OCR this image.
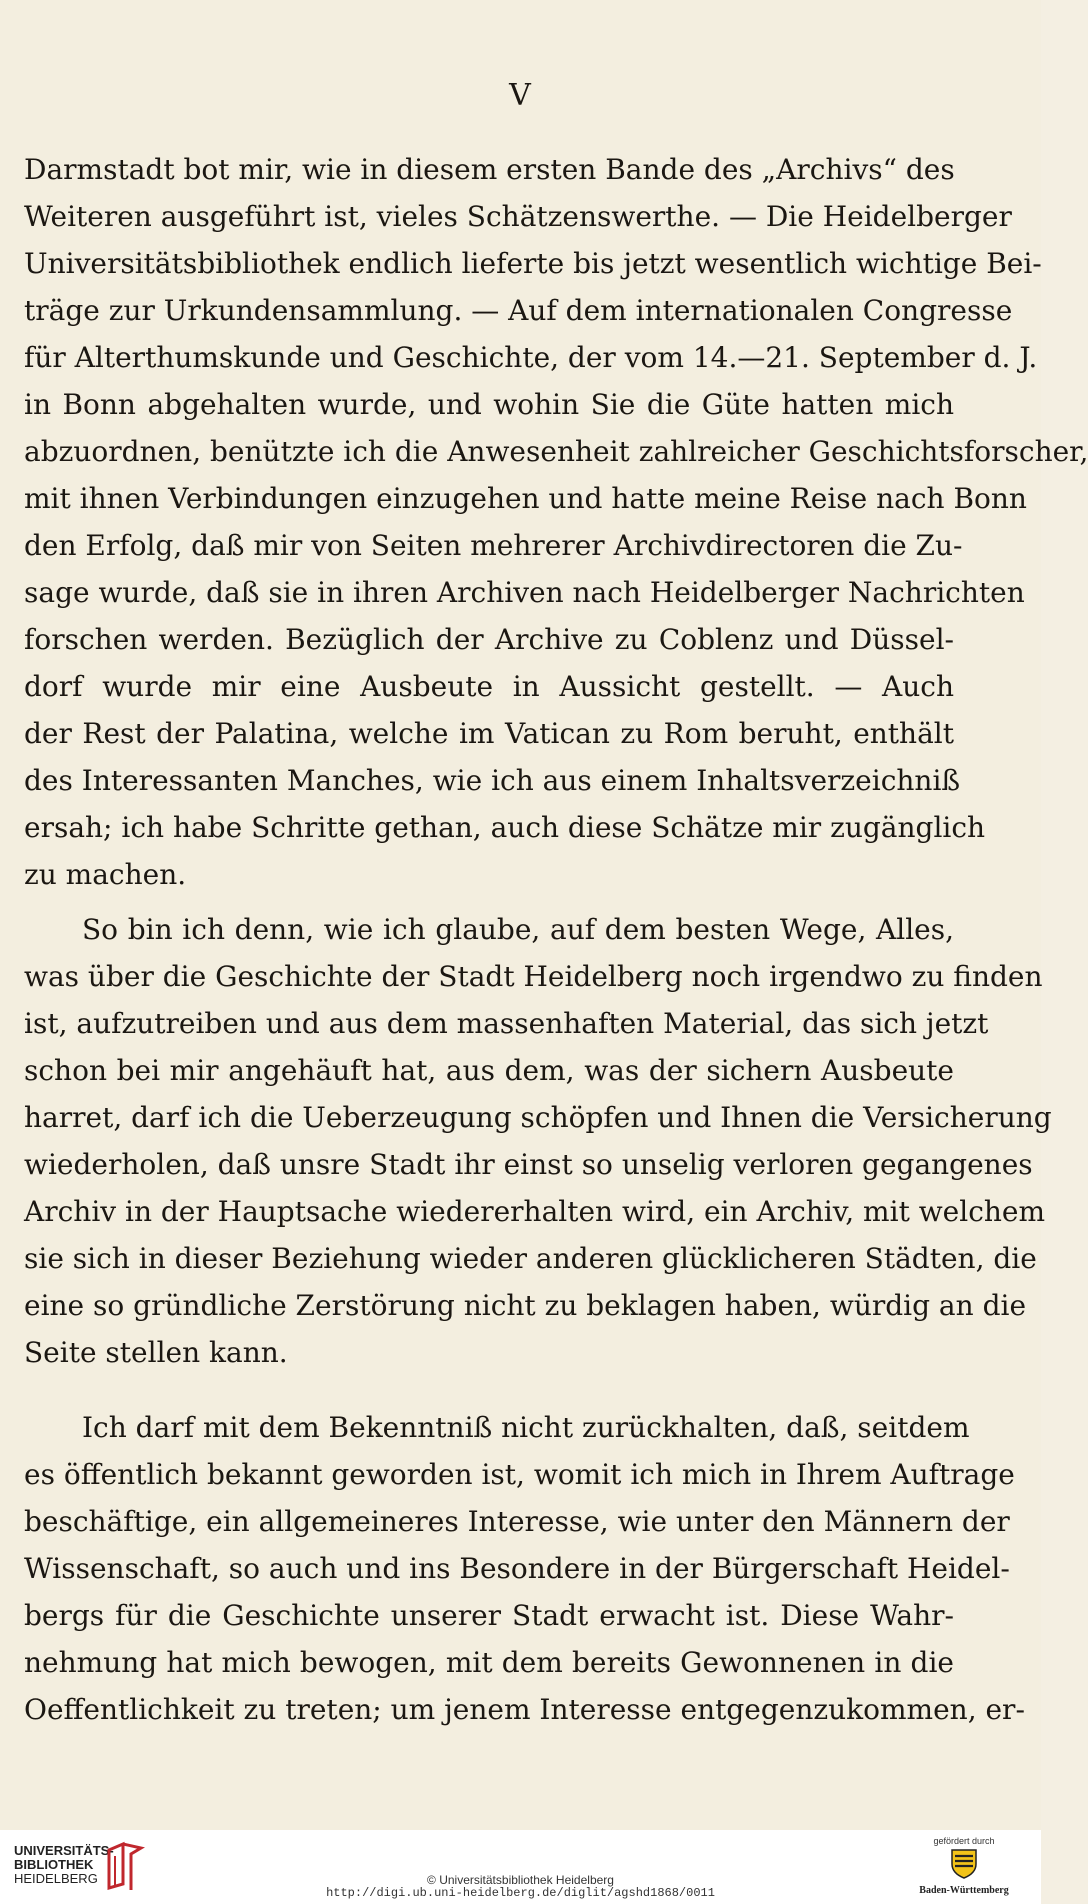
V
Darmstadt bot mir, wie in diesem ersten Bande des „Archivs“ des
Weiteren ausgeführt ist, vieles Schätzenswerthe. — Die Heidelberger
Universitätsbibliothek endlich lieferte bis jetzt wesentlich wichtige Bei-
träge zur Urkundensammlung. — Auf dem internationalen Congresse
für Alterthumskunde und Geschichte, der vom 14.—21. September d. J.
in Bonn abgehalten wurde, und wohin Sie die Güte hatten mich
abzuordnen, benützte ich die Anwesenheit zahlreicher Geschichtsforscher,
mit ihnen Verbindungen einzugehen und hatte meine Reise nach Bonn
den Erfolg, daß mir von Seiten mehrerer Archivdirectoren die Zu-
sage wurde, daß sie in ihren Archiven nach Heidelberger Nachrichten
forschen werden. Bezüglich der Archive zu Coblenz und Düssel-
dorf wurde mir eine Ausbeute in Aussicht gestellt. — Auch
der Rest der Palatina, welche im Vatican zu Rom beruht, enthält
des Interessanten Manches, wie ich aus einem Inhaltsverzeichniß
ersah; ich habe Schritte gethan, auch diese Schätze mir zugänglich
zu machen.
So bin ich denn, wie ich glaube, auf dem besten Wege, Alles,
was über die Geschichte der Stadt Heidelberg noch irgendwo zu finden
ist, aufzutreiben und aus dem massenhaften Material, das sich jetzt
schon bei mir angehäuft hat, aus dem, was der sichern Ausbeute
harret, darf ich die Ueberzeugung schöpfen und Ihnen die Versicherung
wiederholen, daß unsre Stadt ihr einst so unselig verloren gegangenes
Archiv in der Hauptsache wiedererhalten wird, ein Archiv, mit welchem
sie sich in dieser Beziehung wieder anderen glücklicheren Städten, die
eine so gründliche Zerstörung nicht zu beklagen haben, würdig an die
Seite stellen kann.
Ich darf mit dem Bekenntniß nicht zurückhalten, daß, seitdem
es öffentlich bekannt geworden ist, womit ich mich in Ihrem Auftrage
beschäftige, ein allgemeineres Interesse, wie unter den Männern der
Wissenschaft, so auch und ins Besondere in der Bürgerschaft Heidel-
bergs für die Geschichte unserer Stadt erwacht ist. Diese Wahr-
nehmung hat mich bewogen, mit dem bereits Gewonnenen in die
Oeffentlichkeit zu treten; um jenem Interesse entgegenzukommen, er-
UNIVERSITÄTS-
BIBLIOTHEK
HEIDELBERG	© Universitätsbibliothek Heidelberg
http://digi.ub.uni-heidelberg.de/diglit/agshd1868/0011
gefördert durch
Baden-Württemberg
